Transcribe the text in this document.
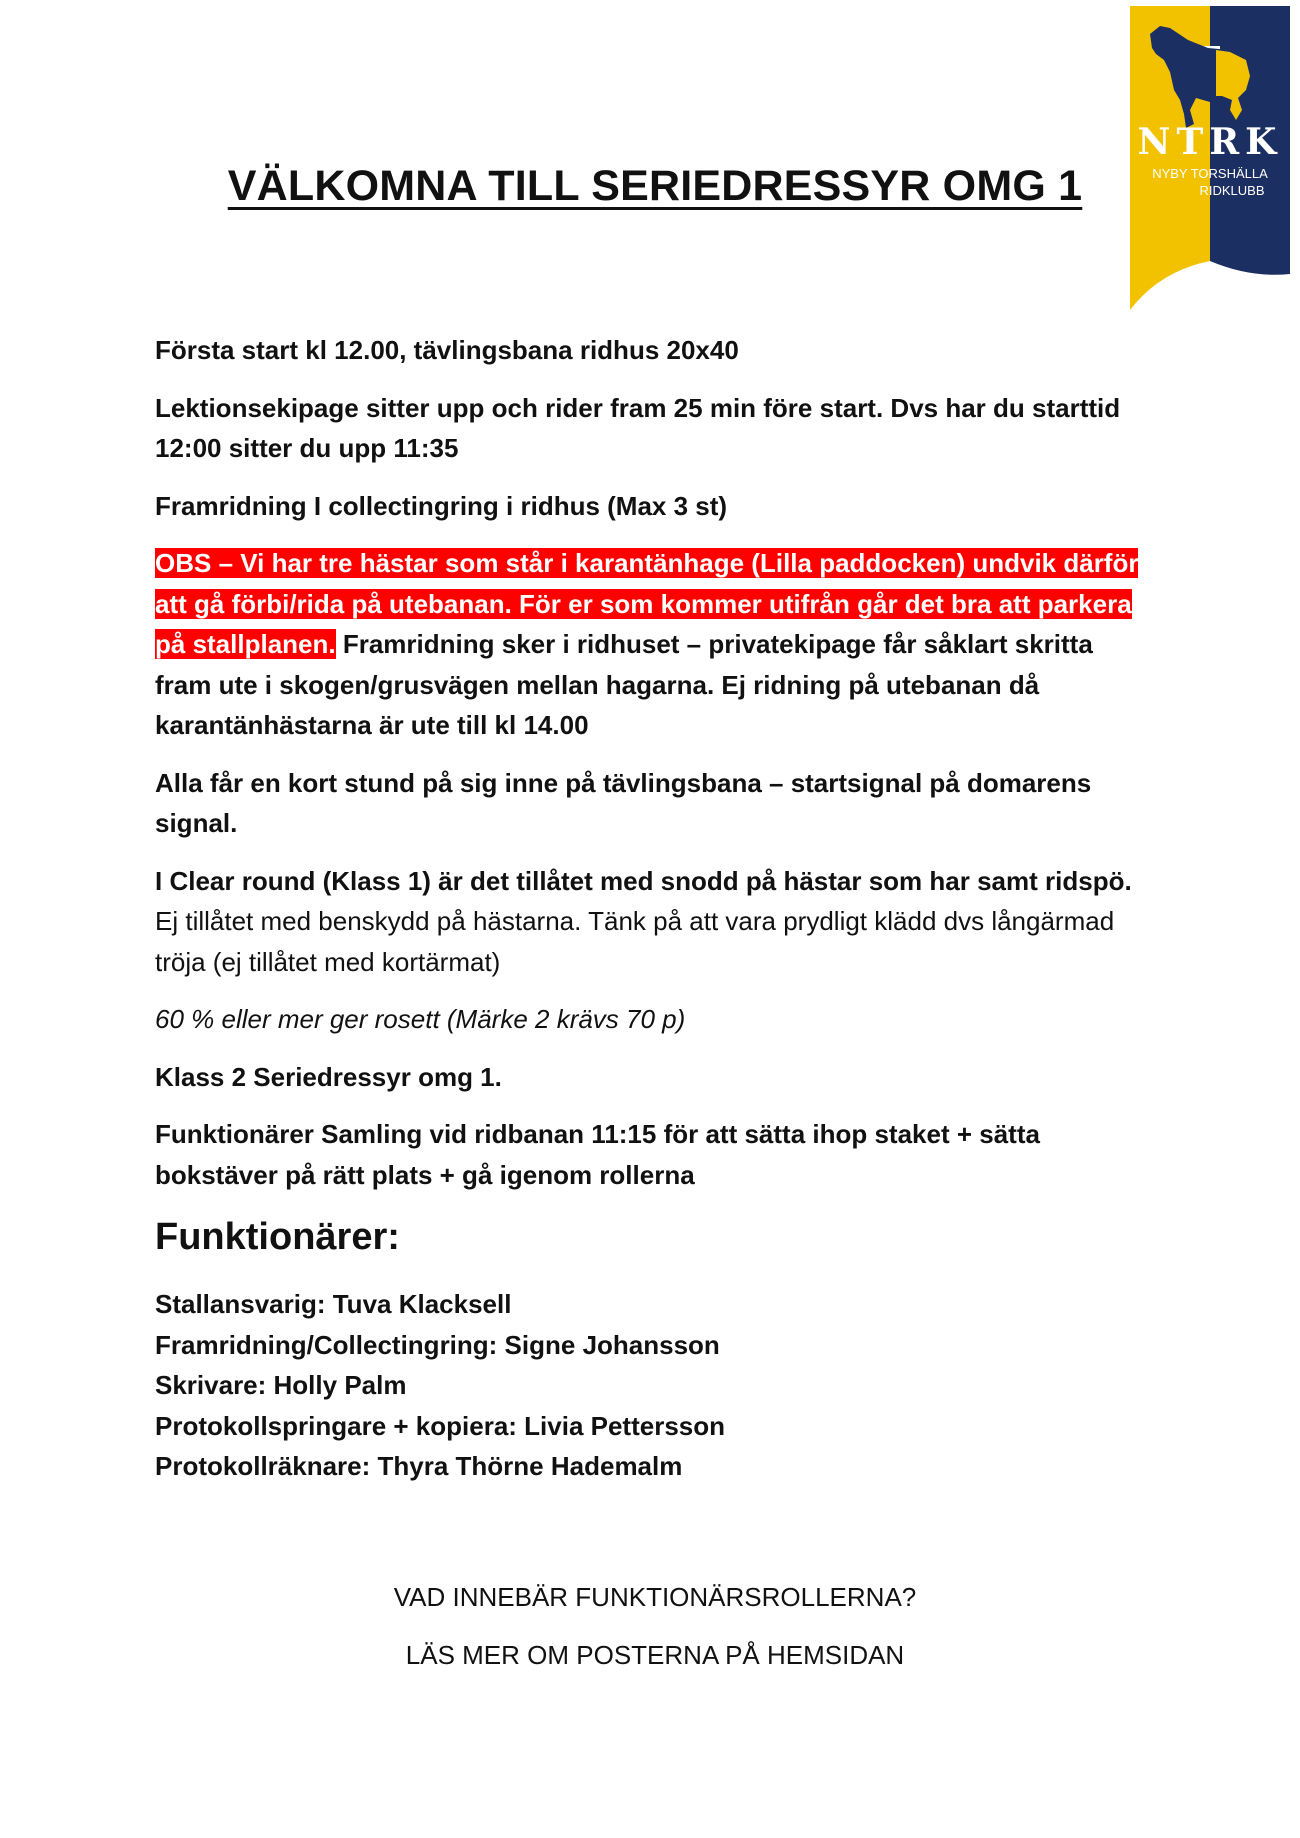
NTRK
NYBY TORSHÄLLA
RIDKLUBB
VÄLKOMNA TILL SERIEDRESSYR OMG 1

Första start kl 12.00, tävlingsbana ridhus 20x40

Lektionsekipage sitter upp och rider fram 25 min före start. Dvs har du starttid 12:00 sitter du upp 11:35

Framridning I collectingring i ridhus (Max 3 st)

OBS – Vi har tre hästar som står i karantänhage (Lilla paddocken) undvik därför att gå förbi/rida på utebanan. För er som kommer utifrån går det bra att parkera på stallplanen. Framridning sker i ridhuset – privatekipage får såklart skritta fram ute i skogen/grusvägen mellan hagarna. Ej ridning på utebanan då karantänhästarna är ute till kl 14.00

Alla får en kort stund på sig inne på tävlingsbana – startsignal på domarens signal.

I Clear round (Klass 1) är det tillåtet med snodd på hästar som har samt ridspö. Ej tillåtet med benskydd på hästarna. Tänk på att vara prydligt klädd dvs långärmad tröja (ej tillåtet med kortärmat)

60 % eller mer ger rosett (Märke 2 krävs 70 p)

Klass 2 Seriedressyr omg 1.

Funktionärer Samling vid ridbanan 11:15 för att sätta ihop staket + sätta bokstäver på rätt plats + gå igenom rollerna

Funktionärer:
Stallansvarig: Tuva Klacksell
Framridning/Collectingring: Signe Johansson
Skrivare: Holly Palm
Protokollspringare + kopiera: Livia Pettersson
Protokollräknare: Thyra Thörne Hademalm
VAD INNEBÄR FUNKTIONÄRSROLLERNA?
LÄS MER OM POSTERNA PÅ HEMSIDAN
